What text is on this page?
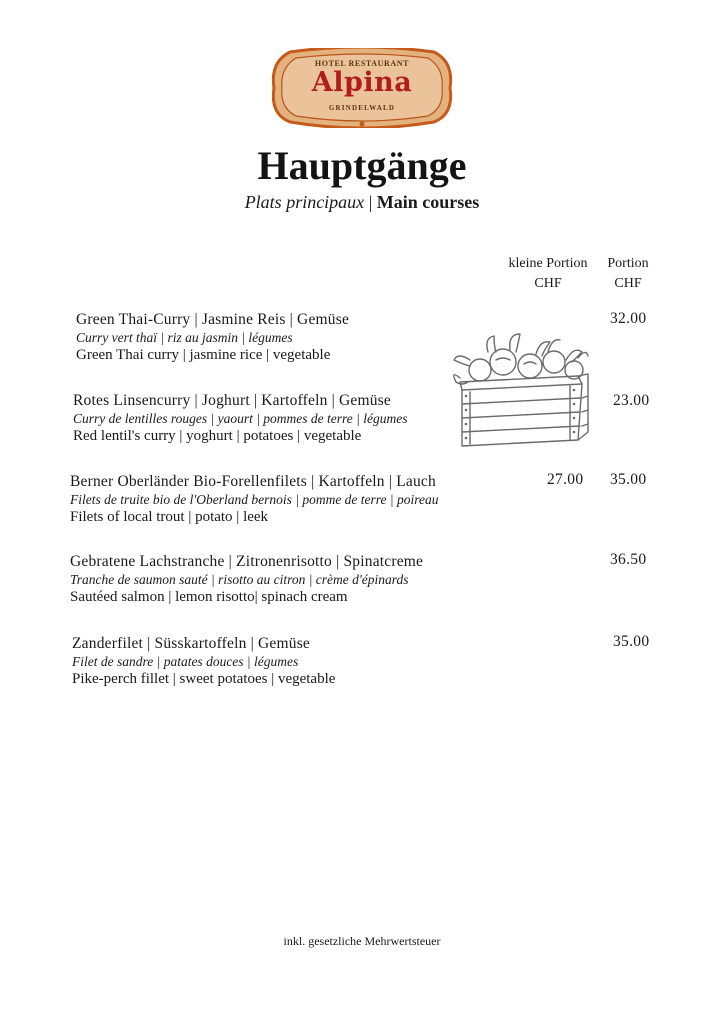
HOTEL RESTAURANT
Alpina
GRINDELWALD
Hauptgänge
Plats principaux | Main courses
kleine Portion
CHF
Portion
CHF
Green Thai-Curry | Jasmine Reis | Gemüse
Curry vert thaï | riz au jasmin | légumes
Green Thai curry | jasmine rice | vegetable
32.00
Rotes Linsencurry | Joghurt | Kartoffeln | Gemüse
Curry de lentilles rouges | yaourt | pommes de terre | légumes
Red lentil's curry | yoghurt | potatoes | vegetable
23.00
Berner Oberländer Bio-Forellenfilets | Kartoffeln | Lauch
Filets de truite bio de l'Oberland bernois | pomme de terre | poireau
Filets of local trout | potato | leek
27.00 35.00
Gebratene Lachstranche | Zitronenrisotto | Spinatcreme
Tranche de saumon sauté | risotto au citron | crème d'épinards
Sautéed salmon | lemon risotto| spinach cream
36.50
Zanderfilet | Süsskartoffeln | Gemüse
Filet de sandre | patates douces | légumes
Pike-perch fillet | sweet potatoes | vegetable
35.00
inkl. gesetzliche Mehrwertsteuer
